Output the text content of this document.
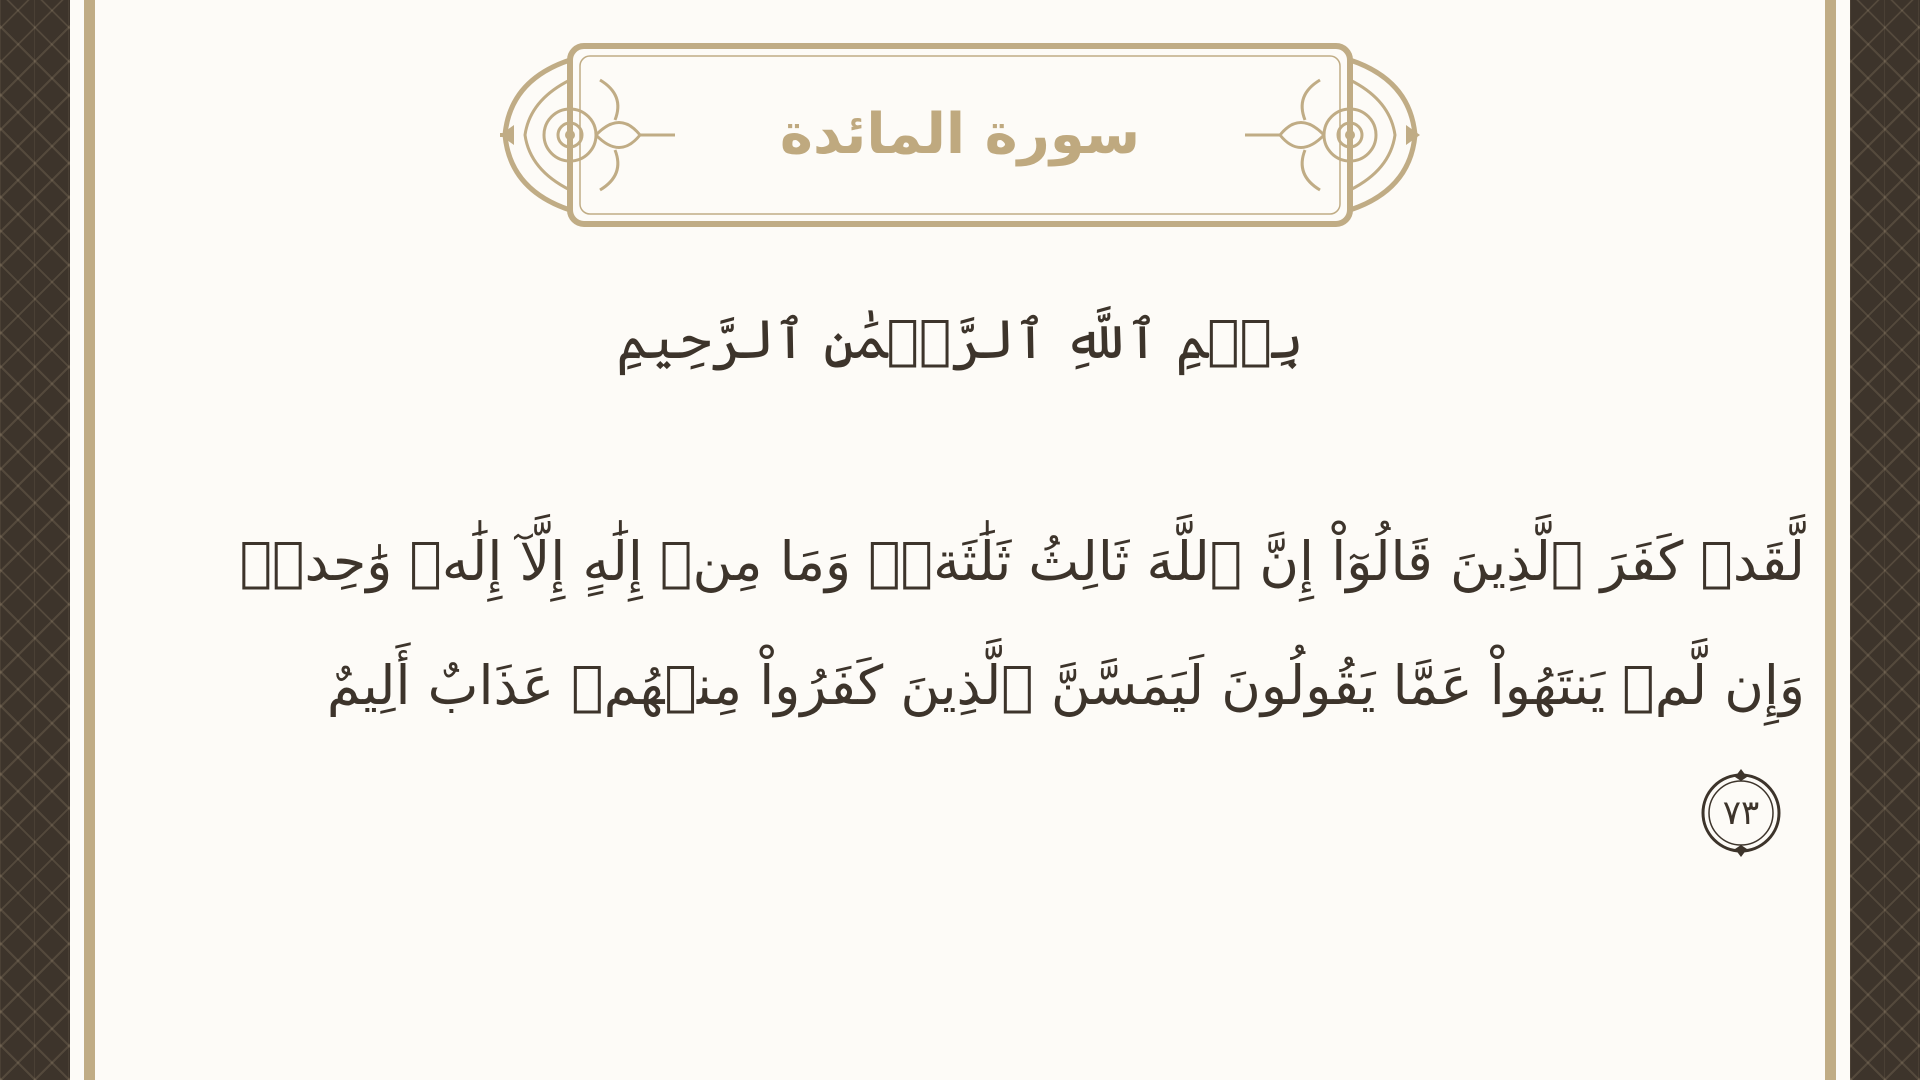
سورة المائدة
بِسۡمِ ٱللَّهِ ٱلرَّحۡمَٰنِ ٱلرَّحِيمِ
لَّقَدۡ كَفَرَ ٱلَّذِينَ قَالُوٓاْ إِنَّ ٱللَّهَ ثَالِثُ ثَلَٰثَةٖۘ وَمَا مِنۡ إِلَٰهٍ إِلَّآ إِلَٰهٞ وَٰحِدٞۚ وَإِن لَّمۡ يَنتَهُواْ عَمَّا يَقُولُونَ لَيَمَسَّنَّ ٱلَّذِينَ كَفَرُواْ مِنۡهُمۡ عَذَابٌ أَلِيمٌ
٧٣
